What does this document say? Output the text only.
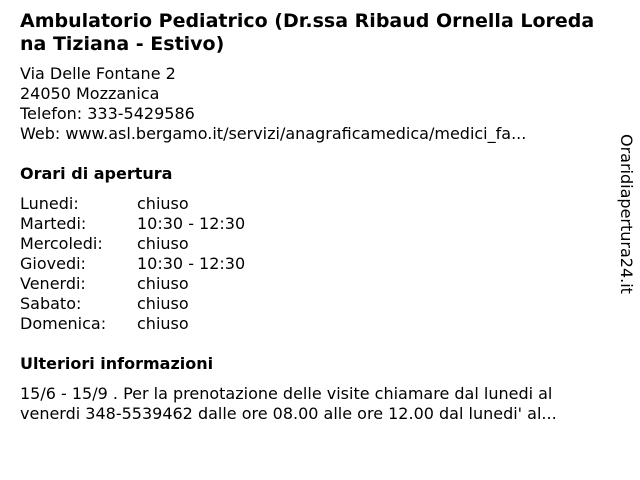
Ambulatorio Pediatrico (Dr.ssa Ribaud Ornella Loreda
na Tiziana - Estivo)
Via Delle Fontane 2
24050 Mozzanica
Telefon: 333-5429586
Web: www.asl.bergamo.it/servizi/anagraficamedica/medici_fa...
Orari di apertura
Lunedi:	chiuso
Martedi:	10:30 - 12:30
Mercoledi: chiuso
Giovedi:	10:30 - 12:30
Venerdi:	chiuso
Sabato:	chiuso
Domenica: chiuso
Ulteriori informazioni
15/6 - 15/9 . Per la prenotazione delle visite chiamare dal lunedi al
venerdi 348-5539462 dalle ore 08.00 alle ore 12.00 dal lunedi' al...
Oraridiapertura24.it
